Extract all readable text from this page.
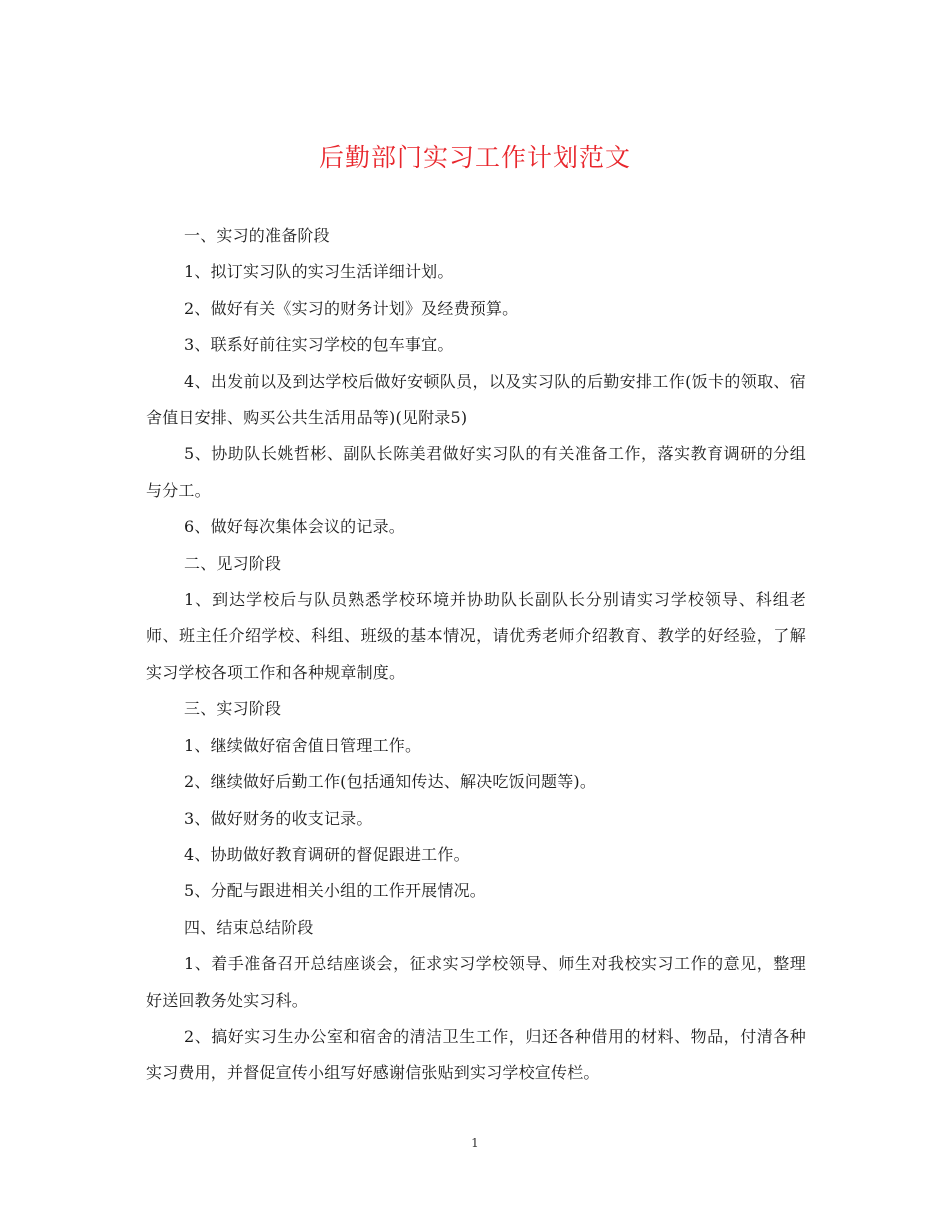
后勤部门实习工作计划范文

一、实习的准备阶段

1、拟订实习队的实习生活详细计划。

2、做好有关《实习的财务计划》及经费预算。

3、联系好前往实习学校的包车事宜。

4、出发前以及到达学校后做好安顿队员，以及实习队的后勤安排工作(饭卡的领取、宿舍值日安排、购买公共生活用品等)(见附录5)

5、协助队长姚哲彬、副队长陈美君做好实习队的有关准备工作，落实教育调研的分组与分工。

6、做好每次集体会议的记录。

二、见习阶段

1、到达学校后与队员熟悉学校环境并协助队长副队长分别请实习学校领导、科组老师、班主任介绍学校、科组、班级的基本情况，请优秀老师介绍教育、教学的好经验，了解实习学校各项工作和各种规章制度。

三、实习阶段

1、继续做好宿舍值日管理工作。

2、继续做好后勤工作(包括通知传达、解决吃饭问题等)。

3、做好财务的收支记录。

4、协助做好教育调研的督促跟进工作。

5、分配与跟进相关小组的工作开展情况。

四、结束总结阶段

1、着手准备召开总结座谈会，征求实习学校领导、师生对我校实习工作的意见，整理好送回教务处实习科。

2、搞好实习生办公室和宿舍的清洁卫生工作，归还各种借用的材料、物品，付清各种实习费用，并督促宣传小组写好感谢信张贴到实习学校宣传栏。

1
